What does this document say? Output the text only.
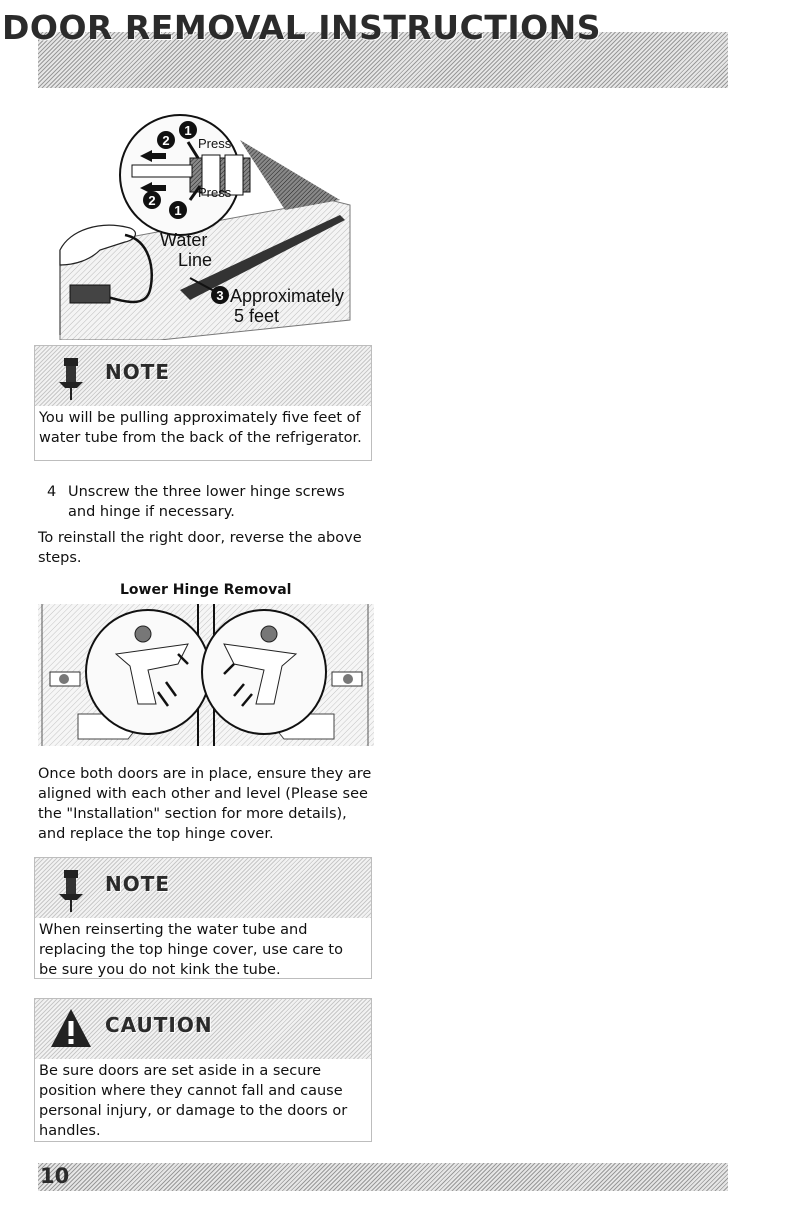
DOOR REMOVAL INSTRUCTIONS
1
2
2
1
Press
Press
Water
Line
3 Approximately
5 feet
NOTE
You will be pulling approximately five feet of water tube from the back of the refrigerator.
4 Unscrew the three lower hinge screws and hinge if necessary.
To reinstall the right door, reverse the above steps.
Lower Hinge Removal
Once both doors are in place, ensure they are aligned with each other and level (Please see the "Installation" section for more details), and replace the top hinge cover.
NOTE
When reinserting the water tube and replacing the top hinge cover, use care to be sure you do not kink the tube.
CAUTION
Be sure doors are set aside in a secure position where they cannot fall and cause personal injury, or damage to the doors or handles.
10
